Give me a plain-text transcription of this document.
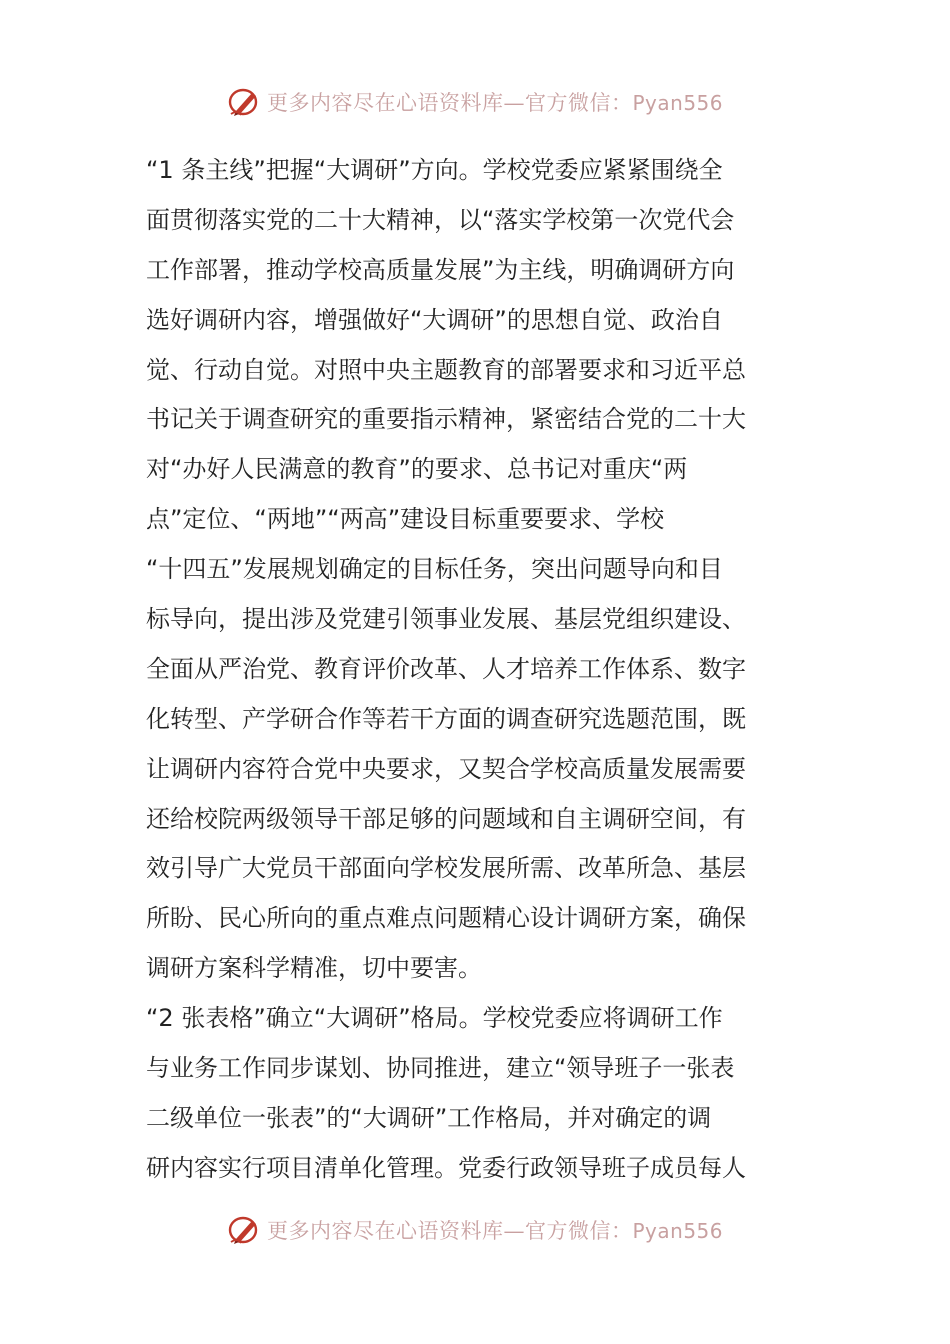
更多内容尽在心语资料库—官方微信：Pyan556
“1 条主线”把握“大调研”方向。学校党委应紧紧围绕全
面贯彻落实党的二十大精神，以“落实学校第一次党代会
工作部署，推动学校高质量发展”为主线，明确调研方向
选好调研内容，增强做好“大调研”的思想自觉、政治自
觉、行动自觉。对照中央主题教育的部署要求和习近平总
书记关于调查研究的重要指示精神，紧密结合党的二十大
对“办好人民满意的教育”的要求、总书记对重庆“两
点”定位、“两地”“两高”建设目标重要要求、学校
“十四五”发展规划确定的目标任务，突出问题导向和目
标导向，提出涉及党建引领事业发展、基层党组织建设、
全面从严治党、教育评价改革、人才培养工作体系、数字
化转型、产学研合作等若干方面的调查研究选题范围，既
让调研内容符合党中央要求，又契合学校高质量发展需要
还给校院两级领导干部足够的问题域和自主调研空间，有
效引导广大党员干部面向学校发展所需、改革所急、基层
所盼、民心所向的重点难点问题精心设计调研方案，确保
调研方案科学精准，切中要害。
“2 张表格”确立“大调研”格局。学校党委应将调研工作
与业务工作同步谋划、协同推进，建立“领导班子一张表
二级单位一张表”的“大调研”工作格局，并对确定的调
研内容实行项目清单化管理。党委行政领导班子成员每人
更多内容尽在心语资料库—官方微信：Pyan556
